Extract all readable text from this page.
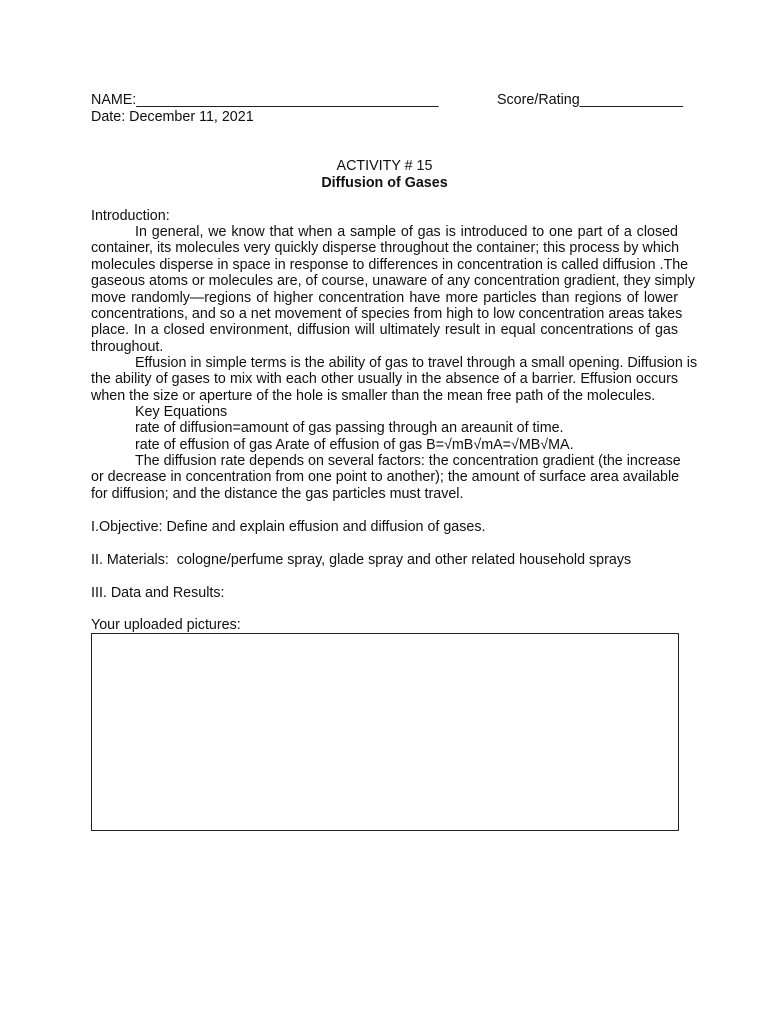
NAME:______________________________________	Score/Rating_____________
Date: December 11, 2021
ACTIVITY # 15
Diffusion of Gases
Introduction:
In general, we know that when a sample of gas is introduced to one part of a closed
container, its molecules very quickly disperse throughout the container; this process by which
molecules disperse in space in response to differences in concentration is called diffusion .The
gaseous atoms or molecules are, of course, unaware of any concentration gradient, they simply
move randomly—regions of higher concentration have more particles than regions of lower
concentrations, and so a net movement of species from high to low concentration areas takes
place. In a closed environment, diffusion will ultimately result in equal concentrations of gas
throughout.
Effusion in simple terms is the ability of gas to travel through a small opening. Diffusion is
the ability of gases to mix with each other usually in the absence of a barrier. Effusion occurs
when the size or aperture of the hole is smaller than the mean free path of the molecules.
Key Equations
rate of diffusion=amount of gas passing through an areaunit of time.
rate of effusion of gas Arate of effusion of gas B=√mB√mA=√MB√MA.
The diffusion rate depends on several factors: the concentration gradient (the increase
or decrease in concentration from one point to another); the amount of surface area available
for diffusion; and the distance the gas particles must travel.
I.Objective: Define and explain effusion and diffusion of gases.
II. Materials:  cologne/perfume spray, glade spray and other related household sprays
III. Data and Results:
Your uploaded pictures:
